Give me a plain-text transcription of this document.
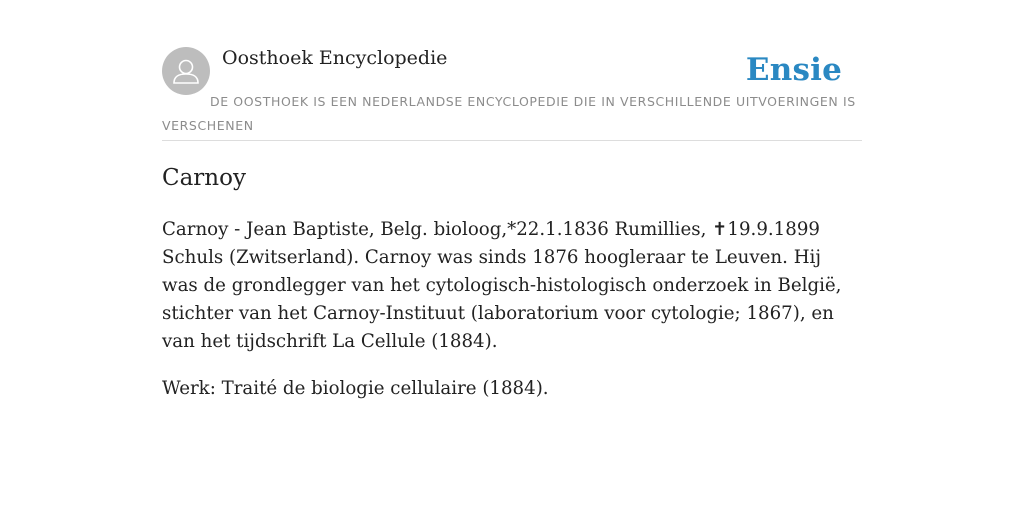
Oosthoek Encyclopedie	Ensie
DE OOSTHOEK IS EEN NEDERLANDSE ENCYCLOPEDIE DIE IN VERSCHILLENDE UITVOERINGEN IS VERSCHENEN
Carnoy

Carnoy - Jean Baptiste, Belg. bioloog,*22.1.1836 Rumillies, ✝19.9.1899 Schuls (Zwitserland). Carnoy was sinds 1876 hoogleraar te Leuven. Hij was de grondlegger van het cytologisch-histologisch onderzoek in België, stichter van het Carnoy-Instituut (laboratorium voor cytologie; 1867), en van het tijdschrift La Cellule (1884).

Werk: Traité de biologie cellulaire (1884).
